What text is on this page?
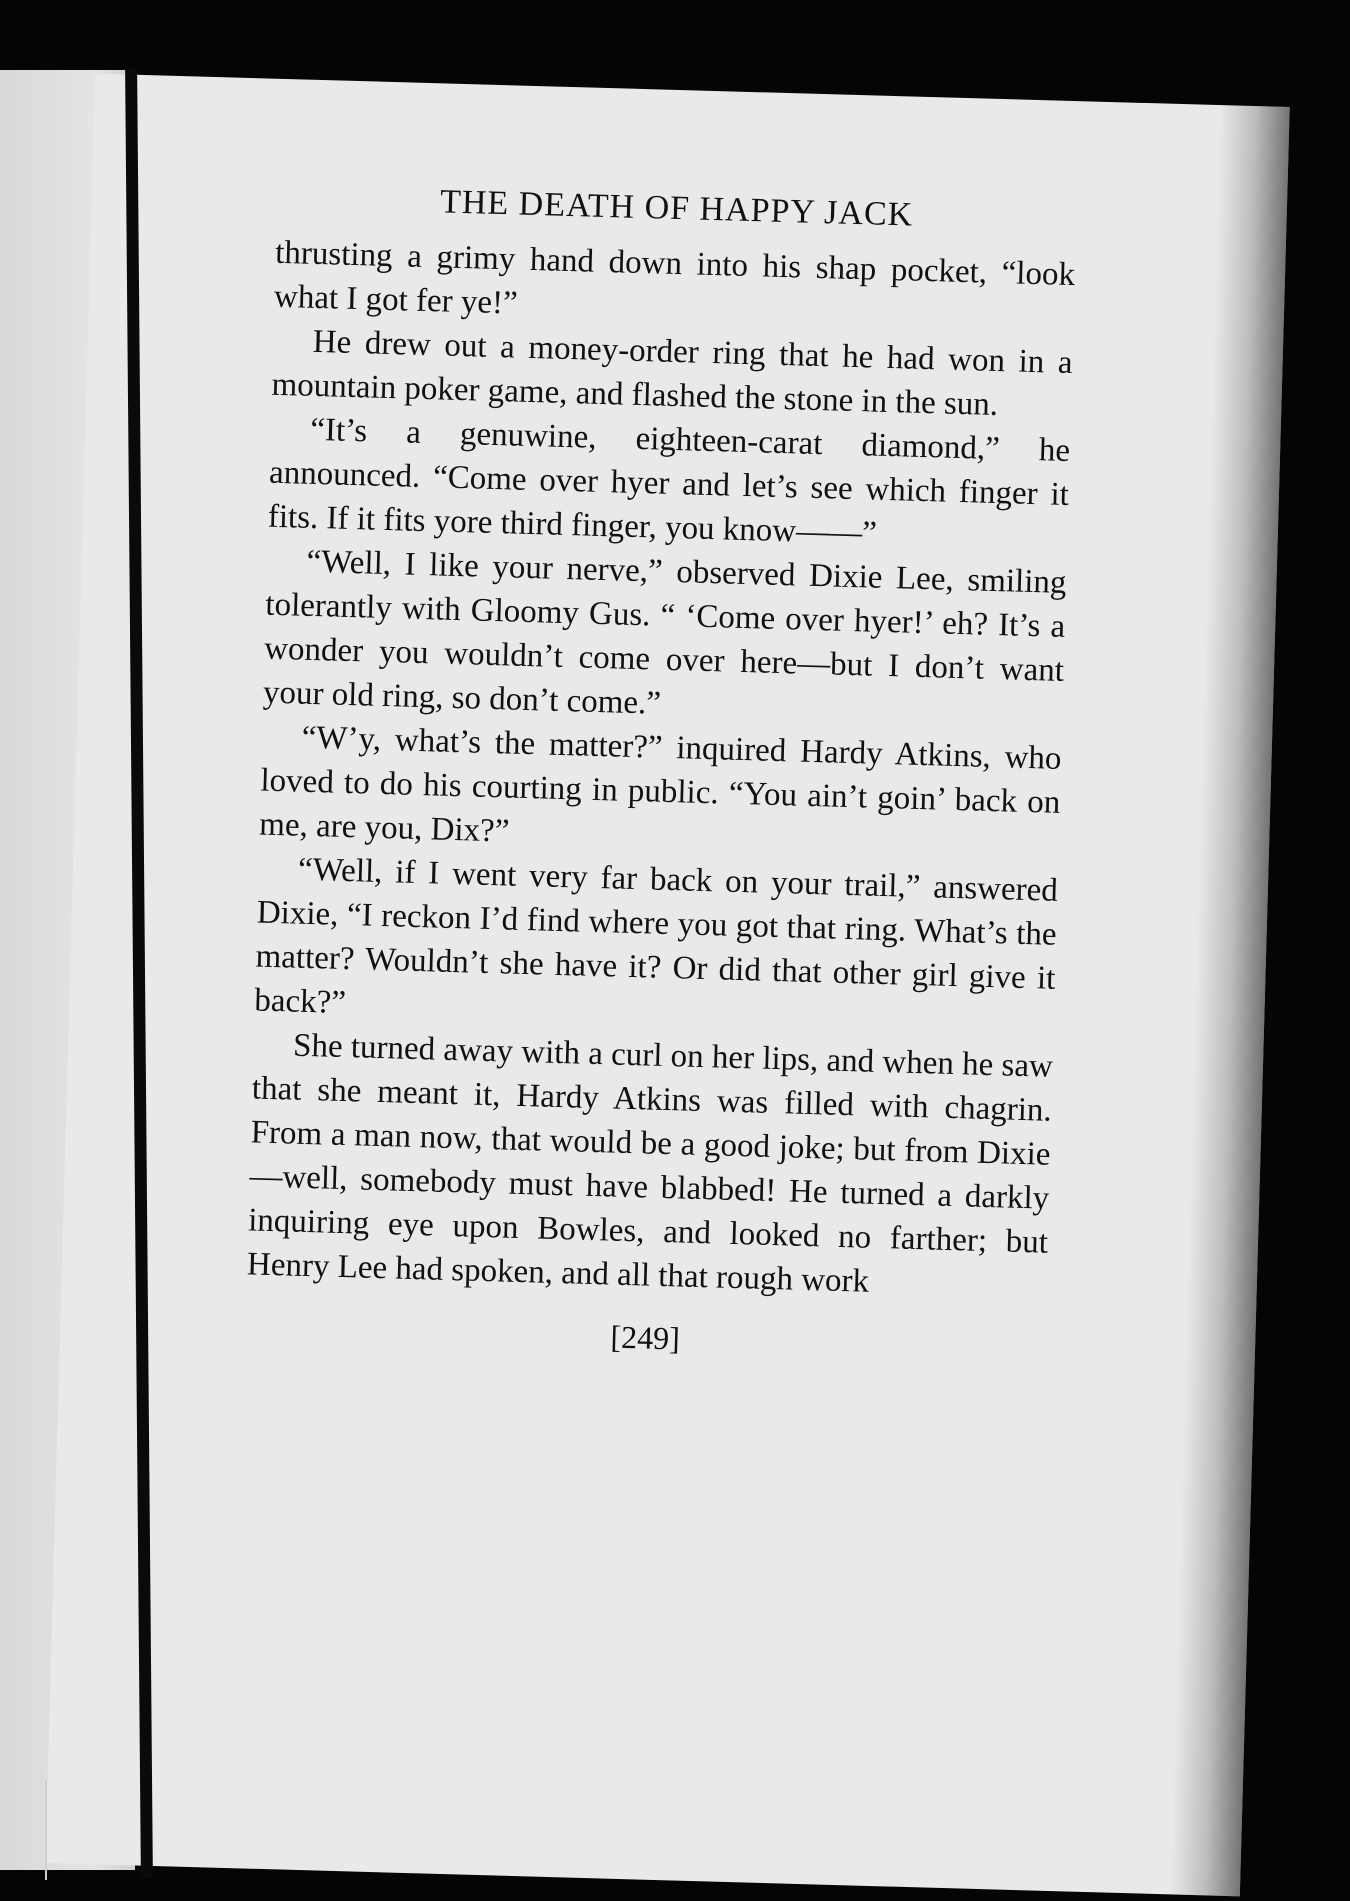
THE DEATH OF HAPPY JACK

thrusting a grimy hand down into his shap pocket, “look what I got fer ye!”

He drew out a money-order ring that he had won in a mountain poker game, and flashed the stone in the sun.

“It’s a genuwine, eighteen-carat diamond,” he announced. “Come over hyer and let’s see which finger it fits. If it fits yore third finger, you know——”

“Well, I like your nerve,” observed Dixie Lee, smiling tolerantly with Gloomy Gus. “ ‘Come over hyer!’ eh? It’s a wonder you wouldn’t come over here—but I don’t want your old ring, so don’t come.”

“W’y, what’s the matter?” inquired Hardy Atkins, who loved to do his courting in public. “You ain’t goin’ back on me, are you, Dix?”

“Well, if I went very far back on your trail,” answered Dixie, “I reckon I’d find where you got that ring. What’s the matter? Wouldn’t she have it? Or did that other girl give it back?”

She turned away with a curl on her lips, and when he saw that she meant it, Hardy Atkins was filled with chagrin. From a man now, that would be a good joke; but from Dixie—well, somebody must have blabbed! He turned a darkly inquiring eye upon Bowles, and looked no farther; but Henry Lee had spoken, and all that rough work

[249]
